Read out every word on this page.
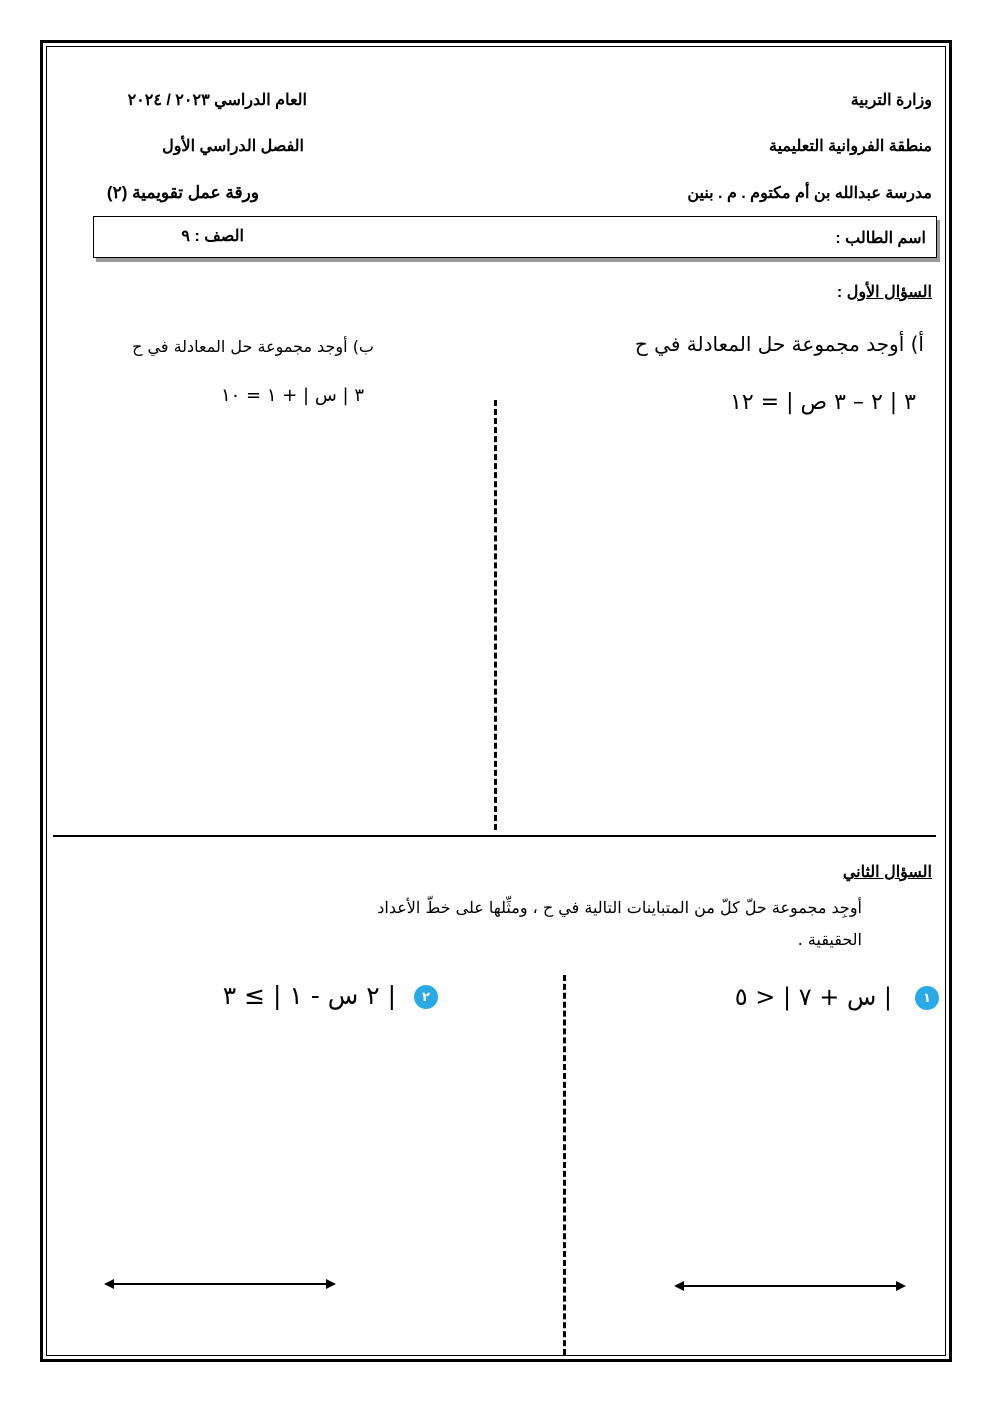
وزارة التربية
منطقة الفروانية التعليمية
مدرسة عبدالله بن أم مكتوم . م . بنين
العام الدراسي ٢٠٢٣ / ٢٠٢٤
الفصل الدراسي الأول
ورقة عمل تقويمية (٢)
اسم الطالب :
الصف : ٩
السؤال الأول :
أ) أوجد مجموعة حل المعادلة في ح
٣ | ٢ – ٣ ص | = ١٢
ب) أوجد مجموعة حل المعادلة في ح
٣ | س | + ١ = ١٠
السؤال الثاني
أوجِد مجموعة حلّ كلّ من المتباينات التالية في ح ، ومثِّلها على خطّ الأعداد
الحقيقية .
١
| س + ٧ | < ٥
٢
| ٢ س - ١ | ≥ ٣
